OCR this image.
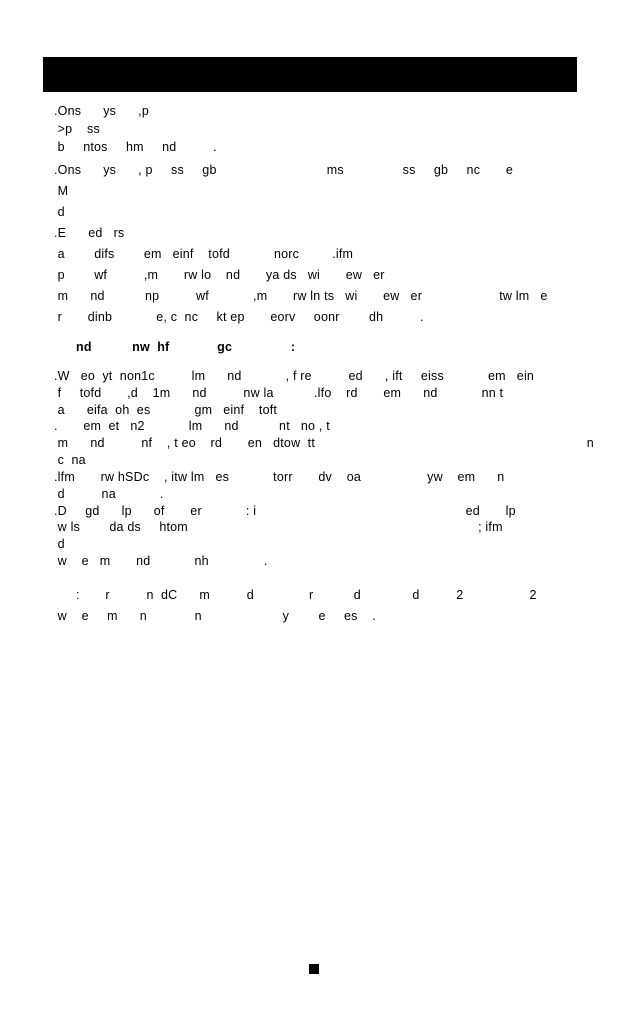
.Ons      ys      ,p
>p    ss
b     ntos     hm     nd          .
.Ons      ys      , p     ss     gb                              ms                ss     gb     nc       e
M
d
.E      ed   rs
a        difs        em   einf    tofd            norc         .ifm
p        wf          ,m       rw lo    nd       ya ds   wi       ew   er
m      nd           np          wf            ,m       rw ln ts   wi       ew   er                     tw lm   e
r       dinb            e, c  nc     kt ep       eorv     oonr        dh          .
nd           nw  hf             gc                :
.W   eo  yt  non1c          lm      nd            , f re          ed      , ift     eiss            em   ein
f     tofd       ,d    1m      nd          nw la           .lfo    rd       em      nd            nn t
a      eifa  oh  es            gm   einf    toft
.       em  et   n2            lm      nd           nt   no , t
m      nd          nf    , t eo    rd       en   dtow  tt                                                                          n
c  na
.lfm       rw hSDc    , itw lm   es            torr       dv    oa                  yw    em      n
d          na            .
.D     gd      lp      of       er            : i                                                         ed       lp
w ls        da ds     htom                                                                               ; ifm
d
w    e   m       nd            nh               .
:       r          n  dC      m          d               r           d              d          2                  2
w    e     m      n             n                      y        e     es    .
